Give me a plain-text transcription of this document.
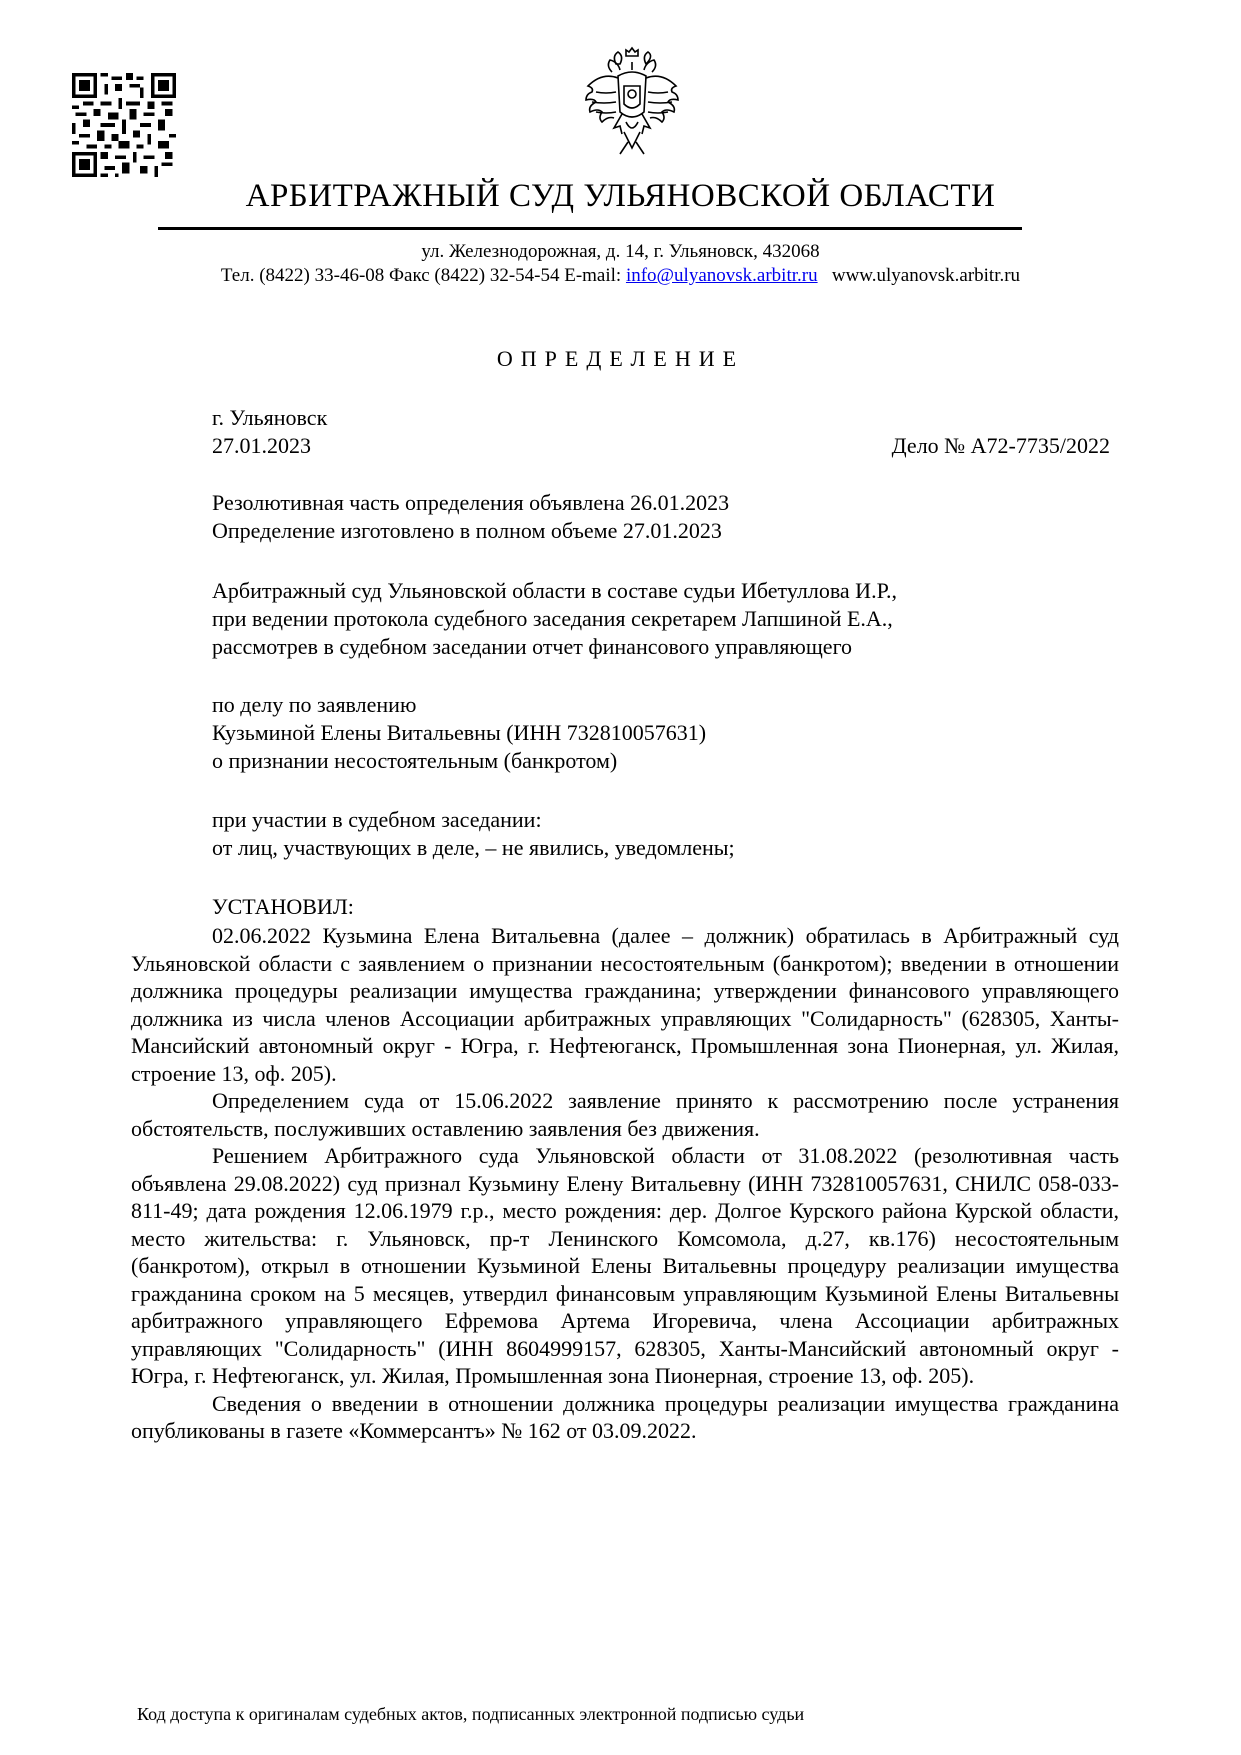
АРБИТРАЖНЫЙ СУД УЛЬЯНОВСКОЙ ОБЛАСТИ
ул. Железнодорожная, д. 14, г. Ульяновск, 432068
Тел. (8422) 33-46-08 Факс (8422) 32-54-54 E-mail: info@ulyanovsk.arbitr.ru www.ulyanovsk.arbitr.ru
ОПРЕДЕЛЕНИЕ
г. Ульяновск
27.01.2023	Дело № А72-7735/2022
Резолютивная часть определения объявлена 26.01.2023
Определение изготовлено в полном объеме 27.01.2023
Арбитражный суд Ульяновской области в составе судьи Ибетуллова И.Р.,
при ведении протокола судебного заседания секретарем Лапшиной Е.А.,
рассмотрев в судебном заседании отчет финансового управляющего
по делу по заявлению
Кузьминой Елены Витальевны (ИНН 732810057631)
о признании несостоятельным (банкротом)
при участии в судебном заседании:
от лиц, участвующих в деле, – не явились, уведомлены;
УСТАНОВИЛ:

02.06.2022 Кузьмина Елена Витальевна (далее – должник) обратилась в Арбитражный суд Ульяновской области с заявлением о признании несостоятельным (банкротом); введении в отношении должника процедуры реализации имущества гражданина; утверждении финансового управляющего должника из числа членов Ассоциации арбитражных управляющих "Солидарность" (628305, Ханты-Мансийский автономный округ - Югра, г. Нефтеюганск, Промышленная зона Пионерная, ул. Жилая, строение 13, оф. 205).

Определением суда от 15.06.2022 заявление принято к рассмотрению после устранения обстоятельств, послуживших оставлению заявления без движения.

Решением Арбитражного суда Ульяновской области от 31.08.2022 (резолютивная часть объявлена 29.08.2022) суд признал Кузьмину Елену Витальевну (ИНН 732810057631, СНИЛС 058-033-811-49; дата рождения 12.06.1979 г.р., место рождения: дер. Долгое Курского района Курской области, место жительства: г. Ульяновск, пр-т Ленинского Комсомола, д.27, кв.176) несостоятельным (банкротом), открыл в отношении Кузьминой Елены Витальевны процедуру реализации имущества гражданина сроком на 5 месяцев, утвердил финансовым управляющим Кузьминой Елены Витальевны арбитражного управляющего Ефремова Артема Игоревича, члена Ассоциации арбитражных управляющих "Солидарность" (ИНН 8604999157, 628305, Ханты-Мансийский автономный округ - Югра, г. Нефтеюганск, ул. Жилая, Промышленная зона Пионерная, строение 13, оф. 205).

Сведения о введении в отношении должника процедуры реализации имущества гражданина опубликованы в газете «Коммерсантъ» № 162 от 03.09.2022.

Код доступа к оригиналам судебных актов, подписанных электронной подписью судьи
